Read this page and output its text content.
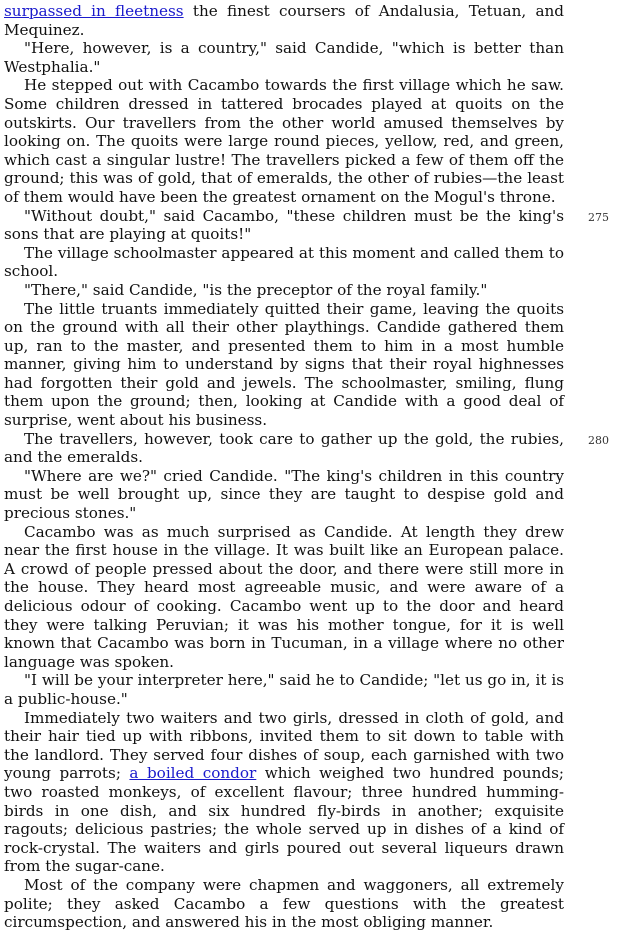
surpassed in fleetness the finest coursers of Andalusia, Tetuan, and Mequinez.

"Here, however, is a country," said Candide, "which is better than Westphalia."

He stepped out with Cacambo towards the first village which he saw. Some children dressed in tattered brocades played at quoits on the outskirts. Our travellers from the other world amused themselves by looking on. The quoits were large round pieces, yellow, red, and green, which cast a singular lustre! The travellers picked a few of them off the ground; this was of gold, that of emeralds, the other of rubies—the least of them would have been the greatest ornament on the Mogul's throne.

"Without doubt," said Cacambo, "these children must be the king's sons that are playing at quoits!"

The village schoolmaster appeared at this moment and called them to school.

"There," said Candide, "is the preceptor of the royal family."

The little truants immediately quitted their game, leaving the quoits on the ground with all their other playthings. Candide gathered them up, ran to the master, and presented them to him in a most humble manner, giving him to understand by signs that their royal highnesses had forgotten their gold and jewels. The schoolmaster, smiling, flung them upon the ground; then, looking at Candide with a good deal of surprise, went about his business.

The travellers, however, took care to gather up the gold, the rubies, and the emeralds.

"Where are we?" cried Candide. "The king's children in this country must be well brought up, since they are taught to despise gold and precious stones."

Cacambo was as much surprised as Candide. At length they drew near the first house in the village. It was built like an European palace. A crowd of people pressed about the door, and there were still more in the house. They heard most agreeable music, and were aware of a delicious odour of cooking. Cacambo went up to the door and heard they were talking Peruvian; it was his mother tongue, for it is well known that Cacambo was born in Tucuman, in a village where no other language was spoken.

"I will be your interpreter here," said he to Candide; "let us go in, it is a public-house."

Immediately two waiters and two girls, dressed in cloth of gold, and their hair tied up with ribbons, invited them to sit down to table with the landlord. They served four dishes of soup, each garnished with two young parrots; a boiled condor which weighed two hundred pounds; two roasted monkeys, of excellent flavour; three hundred humming-birds in one dish, and six hundred fly-birds in another; exquisite ragouts; delicious pastries; the whole served up in dishes of a kind of rock-crystal. The waiters and girls poured out several liqueurs drawn from the sugar-cane.

Most of the company were chapmen and waggoners, all extremely polite; they asked Cacambo a few questions with the greatest circumspection, and answered his in the most obliging manner.

275
280
